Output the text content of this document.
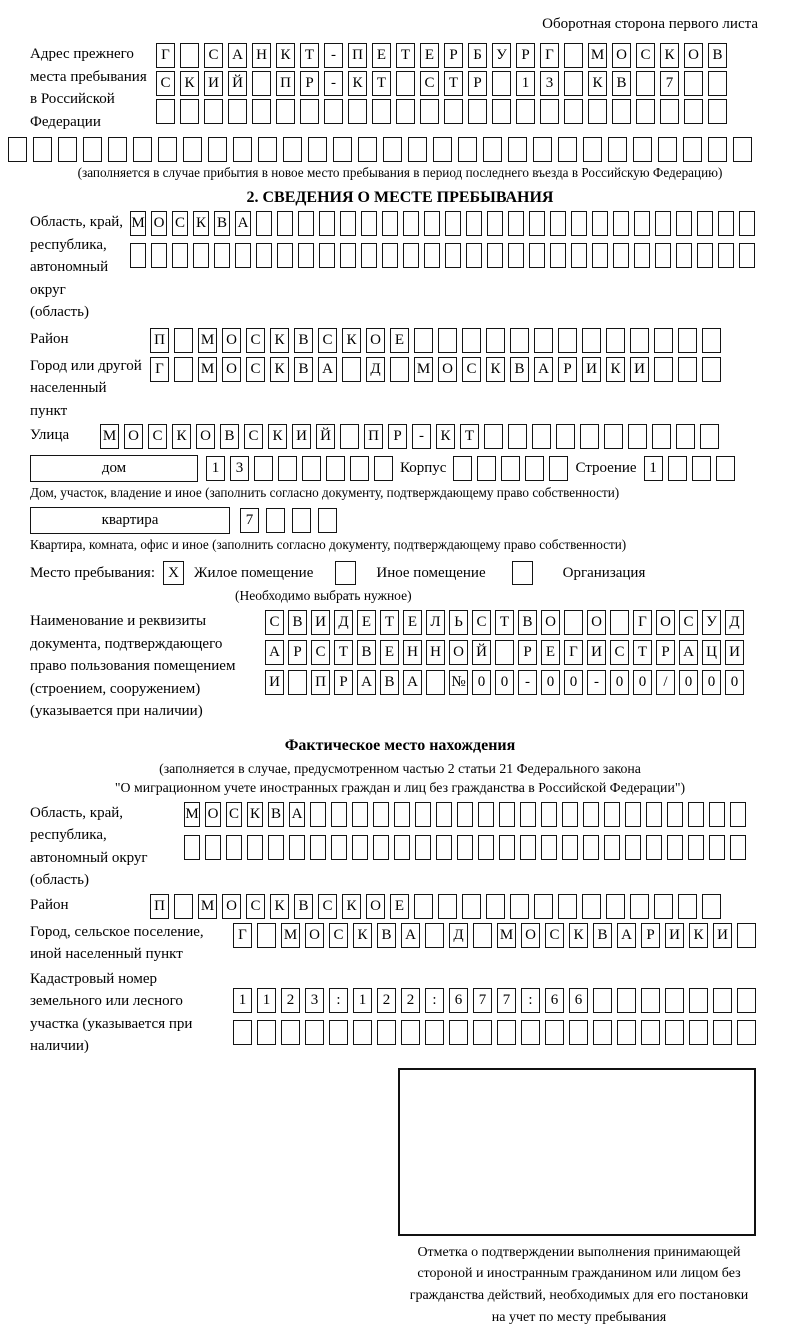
Оборотная сторона первого листа
Адрес прежнего места пребывания в Российской Федерации
Г	С А Н К Т	-	П Е Т Е	Р	Б У Р	Г	М О С К О В
С К И Й П Р	-	К Т	С Т	Р	1	3	К В	7
(заполняется в случае прибытия в новое место пребывания в период последнего въезда в Российскую Федерацию)
2. СВЕДЕНИЯ О МЕСТЕ ПРЕБЫВАНИЯ
Область, край, республика, автономный округ (область)
М О С К В А
Район	П М О С К В С К О Е
Город или другой населенный пункт
Г	М О С К В А Д М О С К В А Р И К И
Улица	М О С К О В С К И Й П Р	-	К Т
дом	1	3	Корпус	Строение 1
Дом, участок, владение и иное (заполнить согласно документу, подтверждающему право собственности)
квартира	7
Квартира, комната, офис и иное (заполнить согласно документу, подтверждающему право собственности)
Место пребывания: X	Жилое помещение	Иное помещение	Организация
(Необходимо выбрать нужное)
Наименование и реквизиты документа, подтверждающего право пользования помещением (строением, сооружением) (указывается при наличии)
С В И Д Е Т Е Л Ь С Т В О О	Г О С У Д
А Р С Т В Е Н Н О Й	Р Е Г И С Т Р А Ц И
И П Р А В А № 0	0	-	0	0	-	0	0	/	0	0	0
Фактическое место нахождения
(заполняется в случае, предусмотренном частью 2 статьи 21 Федерального закона
"О миграционном учете иностранных граждан и лиц без гражданства в Российской Федерации")
Область, край, республика, автономный округ (область)
М О С К В А
Район	П М О С К В С К О Е
Город, сельское поселение, иной населенный пункт
Г	М О С К В А Д М О С К В А Р И К И
Кадастровый номер земельного или лесного участка (указывается при наличии)
1	1	2	3	:	1	2	2	:	6	7	7	:	6	6
Отметка о подтверждении выполнения принимающей
стороной и иностранным гражданином или лицом без
гражданства действий, необходимых для его постановки
на учет по месту пребывания
